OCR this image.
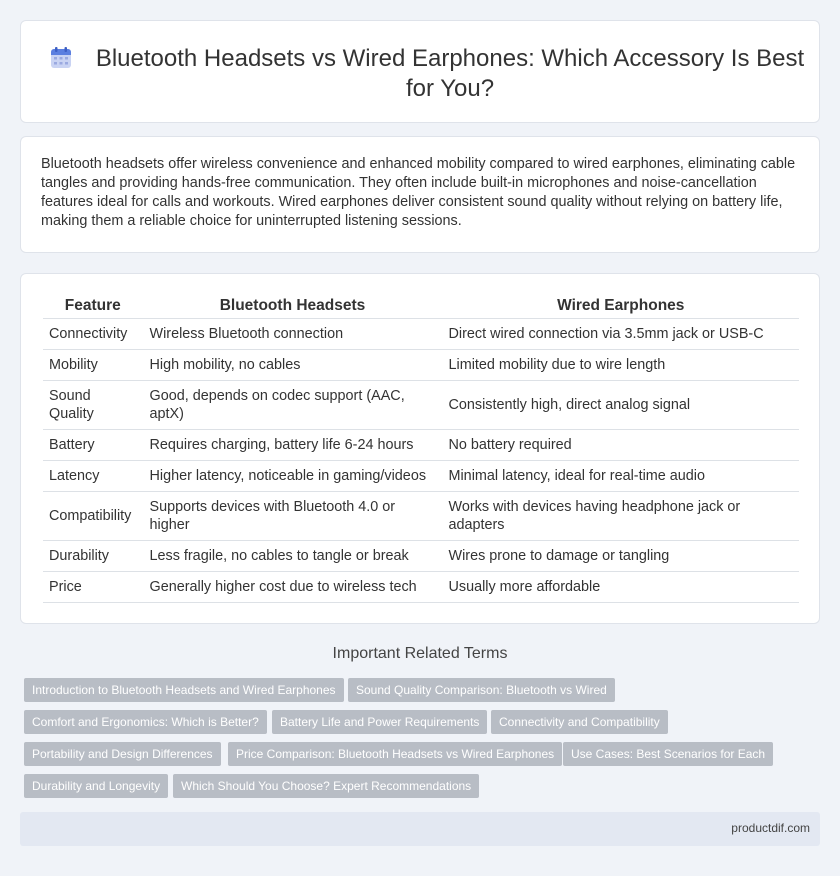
Bluetooth Headsets vs Wired Earphones: Which Accessory Is Best for You?

Bluetooth headsets offer wireless convenience and enhanced mobility compared to wired earphones, eliminating cable tangles and providing hands-free communication. They often include built-in microphones and noise-cancellation features ideal for calls and workouts. Wired earphones deliver consistent sound quality without relying on battery life, making them a reliable choice for uninterrupted listening sessions.

Feature	Bluetooth Headsets	Wired Earphones
Connectivity	Wireless Bluetooth connection	Direct wired connection via 3.5mm jack or USB-C
Mobility	High mobility, no cables	Limited mobility due to wire length
Sound Quality	Good, depends on codec support (AAC, aptX)	Consistently high, direct analog signal
Battery	Requires charging, battery life 6-24 hours	No battery required
Latency	Higher latency, noticeable in gaming/videos	Minimal latency, ideal for real-time audio
Compatibility	Supports devices with Bluetooth 4.0 or higher	Works with devices having headphone jack or adapters
Durability	Less fragile, no cables to tangle or break	Wires prone to damage or tangling
Price	Generally higher cost due to wireless tech	Usually more affordable
Important Related Terms
Introduction to Bluetooth Headsets and Wired Earphones	Sound Quality Comparison: Bluetooth vs Wired
Comfort and Ergonomics: Which is Better?	Battery Life and Power Requirements	Connectivity and Compatibility
Portability and Design Differences	Price Comparison: Bluetooth Headsets vs Wired Earphones	Use Cases: Best Scenarios for Each
Durability and Longevity	Which Should You Choose? Expert Recommendations
productdif.com
